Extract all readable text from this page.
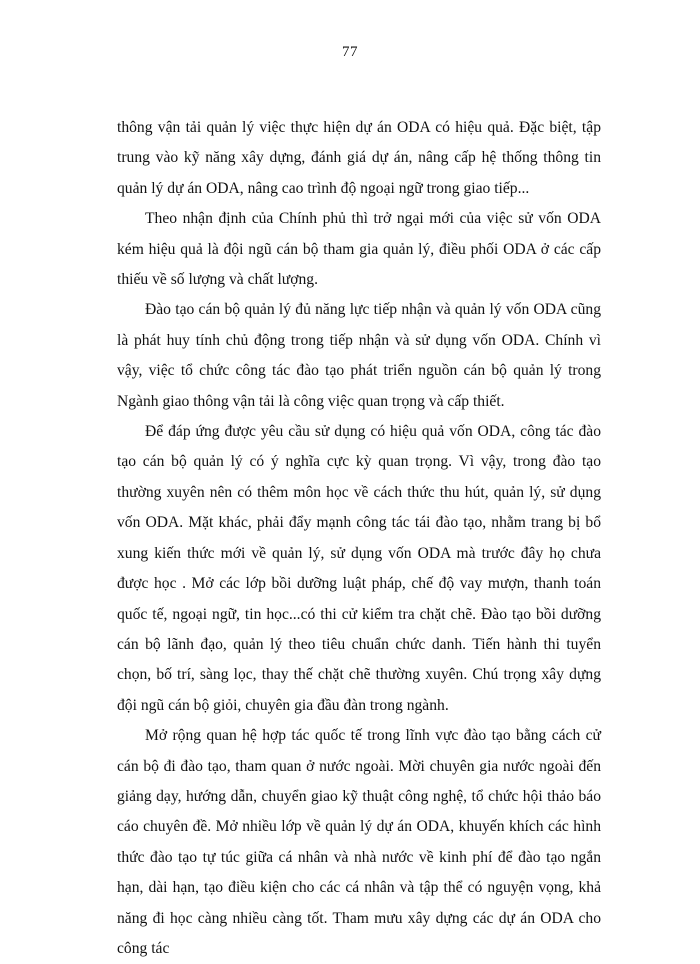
77

thông vận tải quản lý việc thực hiện dự án ODA có hiệu quả. Đặc biệt, tập trung vào kỹ năng xây dựng, đánh giá dự án, nâng cấp hệ thống thông tin quản lý dự án ODA, nâng cao trình độ ngoại ngữ trong giao tiếp...

Theo nhận định của Chính phủ thì trở ngại mới của việc sử vốn ODA kém hiệu quả là đội ngũ cán bộ tham gia quản lý, điều phối ODA ở các cấp thiếu về số lượng và chất lượng.

Đào tạo cán bộ quản lý đủ năng lực tiếp nhận và quản lý vốn ODA cũng là phát huy tính chủ động trong tiếp nhận và sử dụng vốn ODA. Chính vì vậy, việc tổ chức công tác đào tạo phát triển nguồn cán bộ quản lý trong Ngành giao thông vận tải là công việc quan trọng và cấp thiết.

Để đáp ứng được yêu cầu sử dụng có hiệu quả vốn ODA, công tác đào tạo cán bộ quản lý có ý nghĩa cực kỳ quan trọng. Vì vậy, trong đào tạo thường xuyên nên có thêm môn học về cách thức thu hút, quản lý, sử dụng vốn ODA. Mặt khác, phải đẩy mạnh công tác tái đào tạo, nhằm trang bị bổ xung kiến thức mới về quản lý, sử dụng vốn ODA mà trước đây họ chưa được học . Mở các lớp bồi dưỡng luật pháp, chế độ vay mượn, thanh toán quốc tế, ngoại ngữ, tin học...có thi cử kiểm tra chặt chẽ. Đào tạo bồi dưỡng cán bộ lãnh đạo, quản lý theo tiêu chuẩn chức danh. Tiến hành thi tuyển chọn, bố trí, sàng lọc, thay thế chặt chẽ thường xuyên. Chú trọng xây dựng đội ngũ cán bộ giỏi, chuyên gia đầu đàn trong ngành.

Mở rộng quan hệ hợp tác quốc tế trong lĩnh vực đào tạo bằng cách cử cán bộ đi đào tạo, tham quan ở nước ngoài. Mời chuyên gia nước ngoài đến giảng dạy, hướng dẫn, chuyển giao kỹ thuật công nghệ, tổ chức hội thảo báo cáo chuyên đề. Mở nhiều lớp về quản lý dự án ODA, khuyến khích các hình thức đào tạo tự túc giữa cá nhân và nhà nước về kinh phí để đào tạo ngắn hạn, dài hạn, tạo điều kiện cho các cá nhân và tập thể có nguyện vọng, khả năng đi học càng nhiều càng tốt. Tham mưu xây dựng các dự án ODA cho công tác
